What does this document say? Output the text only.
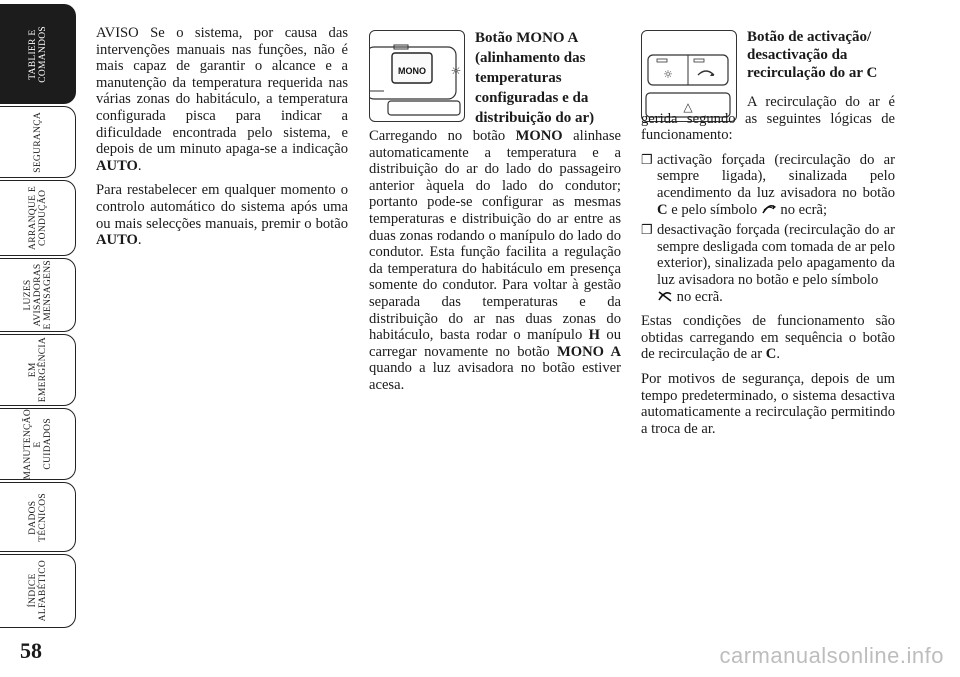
TABLIER E
COMANDOS
SEGURANÇA
ARRANQUE E
CONDUÇÃO
LUZES
AVISADORAS
E MENSAGENS
EM
EMERGÊNCIA
MANUTENÇÃO E
CUIDADOS
DADOS
TÉCNICOS
ÍNDICE
ALFABÉTICO
58

AVISO Se o sistema, por causa das intervenções manuais nas funções, não é mais capaz de garantir o alcance e a manutenção da temperatura requerida nas várias zonas do habitáculo, a temperatura configurada pisca para indicar a dificuldade encontrada pelo sistema, e depois de um minuto apaga-se a indicação AUTO.

Para restabelecer em qualquer momento o controlo automático do sistema após uma ou mais selecções manuais, premir o botão AUTO.

MONO ☼
Botão MONO A (alinhamento das temperaturas configuradas e da distribuição do ar)

Carregando no botão MONO alinhase automaticamente a temperatura e a distribuição do ar do lado do passageiro anterior àquela do lado do condutor; portanto pode-se configurar as mesmas temperaturas e distribuição do ar entre as duas zonas rodando o manípulo do lado do condutor. Esta função facilita a regulação da temperatura do habitáculo em presença somente do condutor. Para voltar à gestão separada das temperaturas e da distribuição do ar nas duas zonas do habitáculo, basta rodar o manípulo H ou carregar novamente no botão MONO A quando a luz avisadora no botão estiver acesa.

☼
△
Botão de activação/ desactivação da recirculação do ar C

A recirculação do ar é gerida segundo as seguintes lógicas de funcionamento:

❒ activação forçada (recirculação do ar sempre ligada), sinalizada pelo acendimento da luz avisadora no botão C e pelo símbolo  no ecrã;
❒ desactivação forçada (recirculação do ar sempre desligada com tomada de ar pelo exterior), sinalizada pelo apagamento da luz avisadora no botão e pelo símbolo
no ecrã.

Estas condições de funcionamento são obtidas carregando em sequência o botão de recirculação de ar C.

Por motivos de segurança, depois de um tempo predeterminado, o sistema desactiva automaticamente a recirculação permitindo a troca de ar.

carmanualsonline.info
